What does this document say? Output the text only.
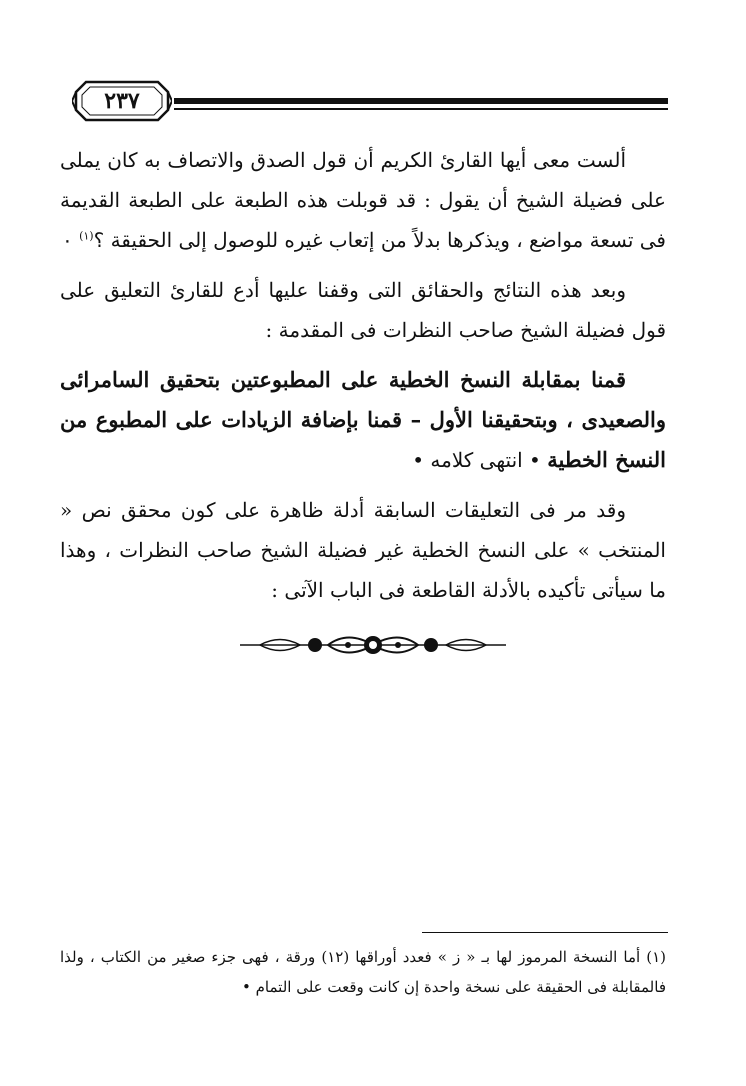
٢٣٧

ألست معى أيها القارئ الكريم أن قول الصدق والاتصاف به كان يملى على فضيلة الشيخ أن يقول : قد قوبلت هذه الطبعة على الطبعة القديمة فى تسعة مواضع ، ويذكرها بدلاً من إتعاب غيره للوصول إلى الحقيقة ؟$^{(١)}$ ۰

وبعد هذه النتائج والحقائق التى وقفنا عليها أدع للقارئ التعليق على قول فضيلة الشيخ صاحب النظرات فى المقدمة :

قمنا بمقابلة النسخ الخطية على المطبوعتين بتحقيق السامرائى والصعيدى ، وبتحقيقنا الأول – قمنا بإضافة الزيادات على المطبوع من النسخ الخطية • انتهى كلامه •

وقد مر فى التعليقات السابقة أدلة ظاهرة على كون محقق نص « المنتخب » على النسخ الخطية غير فضيلة الشيخ صاحب النظرات ، وهذا ما سيأتى تأكيده بالأدلة القاطعة فى الباب الآتى :

(١) أما النسخة المرموز لها بـ « ز » فعدد أوراقها (١٢) ورقة ، فهى جزء صغير من الكتاب ، ولذا فالمقابلة فى الحقيقة على نسخة واحدة إن كانت وقعت على التمام •
